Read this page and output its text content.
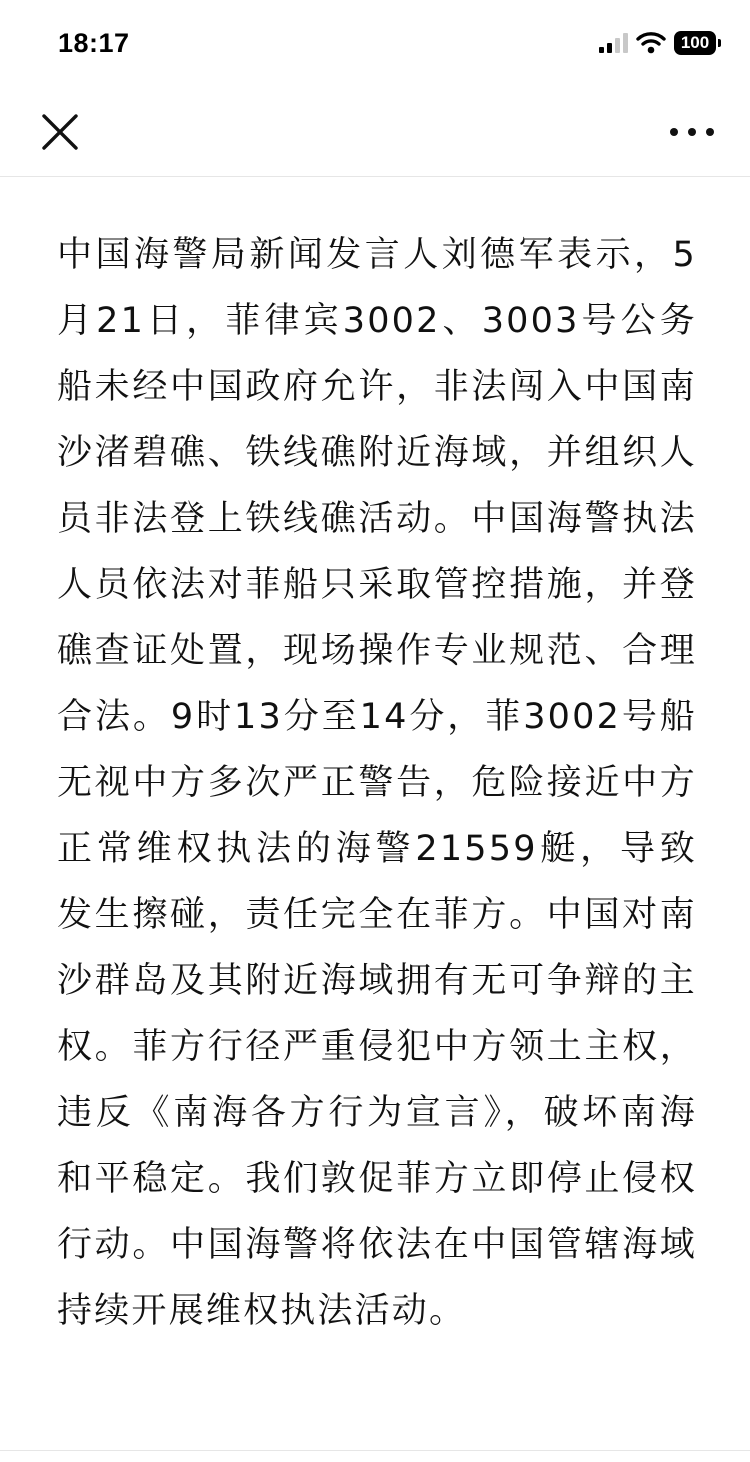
18:17	100

中国海警局新闻发言人刘德军表示，5月21日，菲律宾3002、3003号公务船未经中国政府允许，非法闯入中国南沙渚碧礁、铁线礁附近海域，并组织人员非法登上铁线礁活动。中国海警执法人员依法对菲船只采取管控措施，并登礁查证处置，现场操作专业规范、合理合法。9时13分至14分，菲3002号船无视中方多次严正警告，危险接近中方正常维权执法的海警21559艇，导致发生擦碰，责任完全在菲方。中国对南沙群岛及其附近海域拥有无可争辩的主权。菲方行径严重侵犯中方领土主权，违反《南海各方行为宣言》，破坏南海和平稳定。我们敦促菲方立即停止侵权行动。中国海警将依法在中国管辖海域持续开展维权执法活动。
